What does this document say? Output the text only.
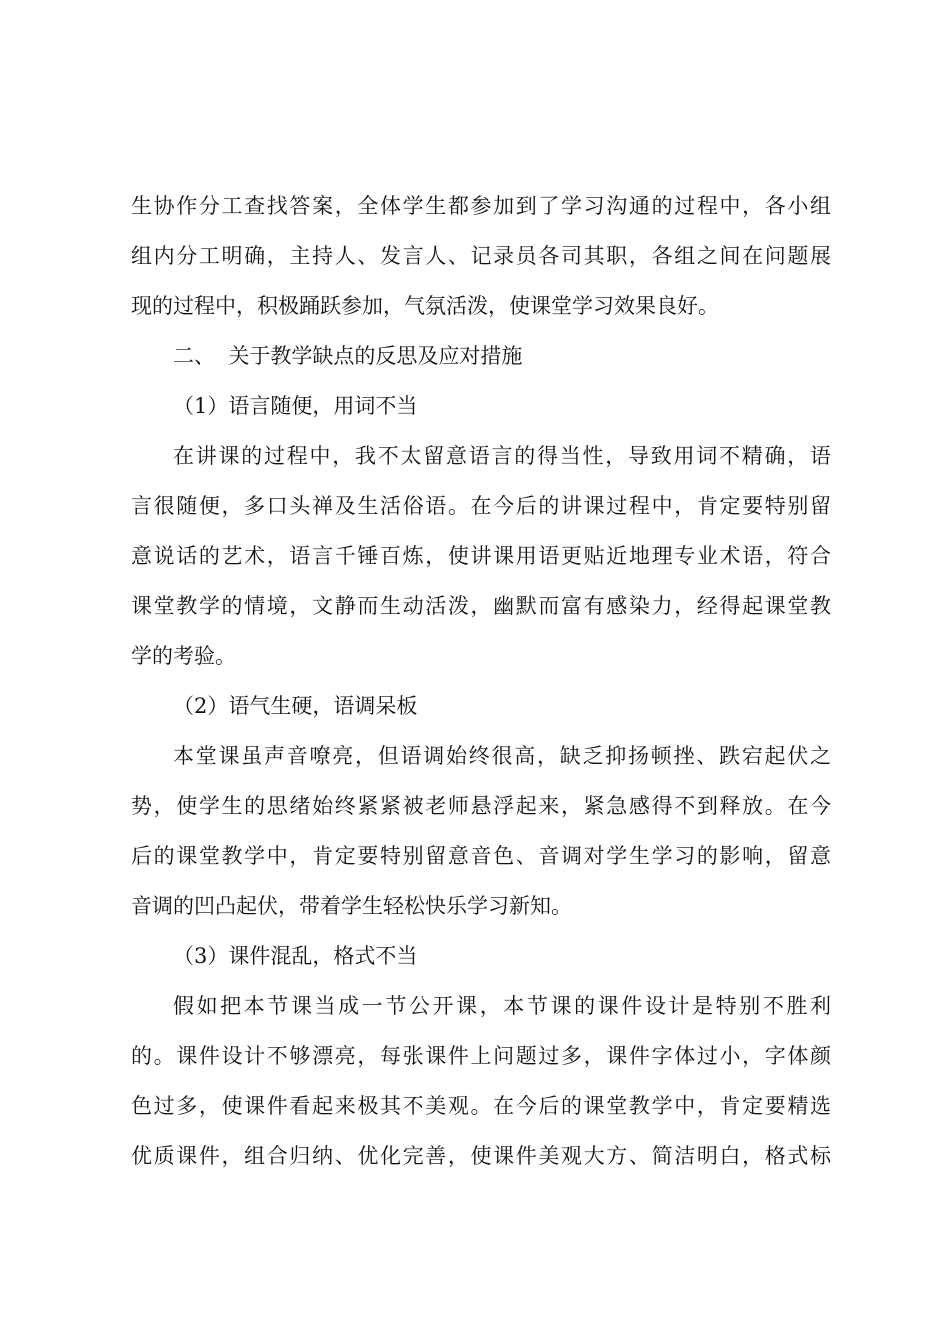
生协作分工查找答案，全体学生都参加到了学习沟通的过程中，各小组
组内分工明确，主持人、发言人、记录员各司其职，各组之间在问题展
现的过程中，积极踊跃参加，气氛活泼，使课堂学习效果良好。
二、  关于教学缺点的反思及应对措施
（1）语言随便，用词不当
在讲课的过程中，我不太留意语言的得当性，导致用词不精确，语
言很随便，多口头禅及生活俗语。在今后的讲课过程中，肯定要特别留
意说话的艺术，语言千锤百炼，使讲课用语更贴近地理专业术语，符合
课堂教学的情境，文静而生动活泼，幽默而富有感染力，经得起课堂教
学的考验。
（2）语气生硬，语调呆板
本堂课虽声音嘹亮，但语调始终很高，缺乏抑扬顿挫、跌宕起伏之
势，使学生的思绪始终紧紧被老师悬浮起来，紧急感得不到释放。在今
后的课堂教学中，肯定要特别留意音色、音调对学生学习的影响，留意
音调的凹凸起伏，带着学生轻松快乐学习新知。
（3）课件混乱，格式不当
假如把本节课当成一节公开课，本节课的课件设计是特别不胜利
的。课件设计不够漂亮，每张课件上问题过多，课件字体过小，字体颜
色过多，使课件看起来极其不美观。在今后的课堂教学中，肯定要精选
优质课件，组合归纳、优化完善，使课件美观大方、简洁明白，格式标
